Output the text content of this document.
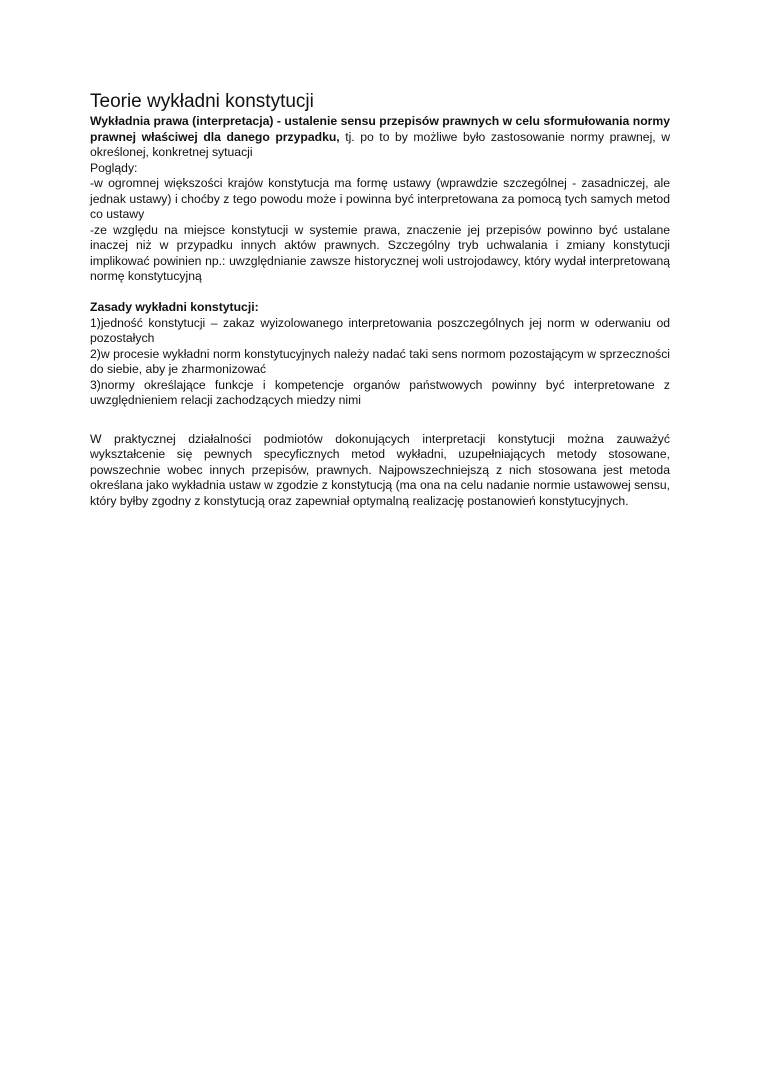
Teorie wykładni konstytucji

Wykładnia prawa (interpretacja) - ustalenie sensu przepisów prawnych w celu sformułowania normy prawnej właściwej dla danego przypadku, tj. po to by możliwe było zastosowanie normy prawnej, w określonej, konkretnej sytuacji

Poglądy:

-w ogromnej większości krajów konstytucja ma formę ustawy (wprawdzie szczególnej - zasadniczej, ale jednak ustawy) i choćby z tego powodu może i powinna być interpretowana za pomocą tych samych metod co ustawy

-ze względu na miejsce konstytucji w systemie prawa, znaczenie jej przepisów powinno być ustalane inaczej niż w przypadku innych aktów prawnych. Szczególny tryb uchwalania i zmiany konstytucji implikować powinien np.: uwzględnianie zawsze historycznej woli ustrojodawcy, który wydał interpretowaną normę konstytucyjną

Zasady wykładni konstytucji:

1)jedność konstytucji – zakaz wyizolowanego interpretowania poszczególnych jej norm w oderwaniu od pozostałych

2)w procesie wykładni norm konstytucyjnych należy nadać taki sens normom pozostającym w sprzeczności do siebie, aby je zharmonizować

3)normy określające funkcje i kompetencje organów państwowych powinny być interpretowane z uwzględnieniem relacji zachodzących miedzy nimi

W praktycznej działalności podmiotów dokonujących interpretacji konstytucji można zauważyć wykształcenie się pewnych specyficznych metod wykładni, uzupełniających metody stosowane, powszechnie wobec innych przepisów, prawnych. Najpowszechniejszą z nich stosowana jest metoda określana jako wykładnia ustaw w zgodzie z konstytucją (ma ona na celu nadanie normie ustawowej sensu, który byłby zgodny z konstytucją oraz zapewniał optymalną realizację postanowień konstytucyjnych.
